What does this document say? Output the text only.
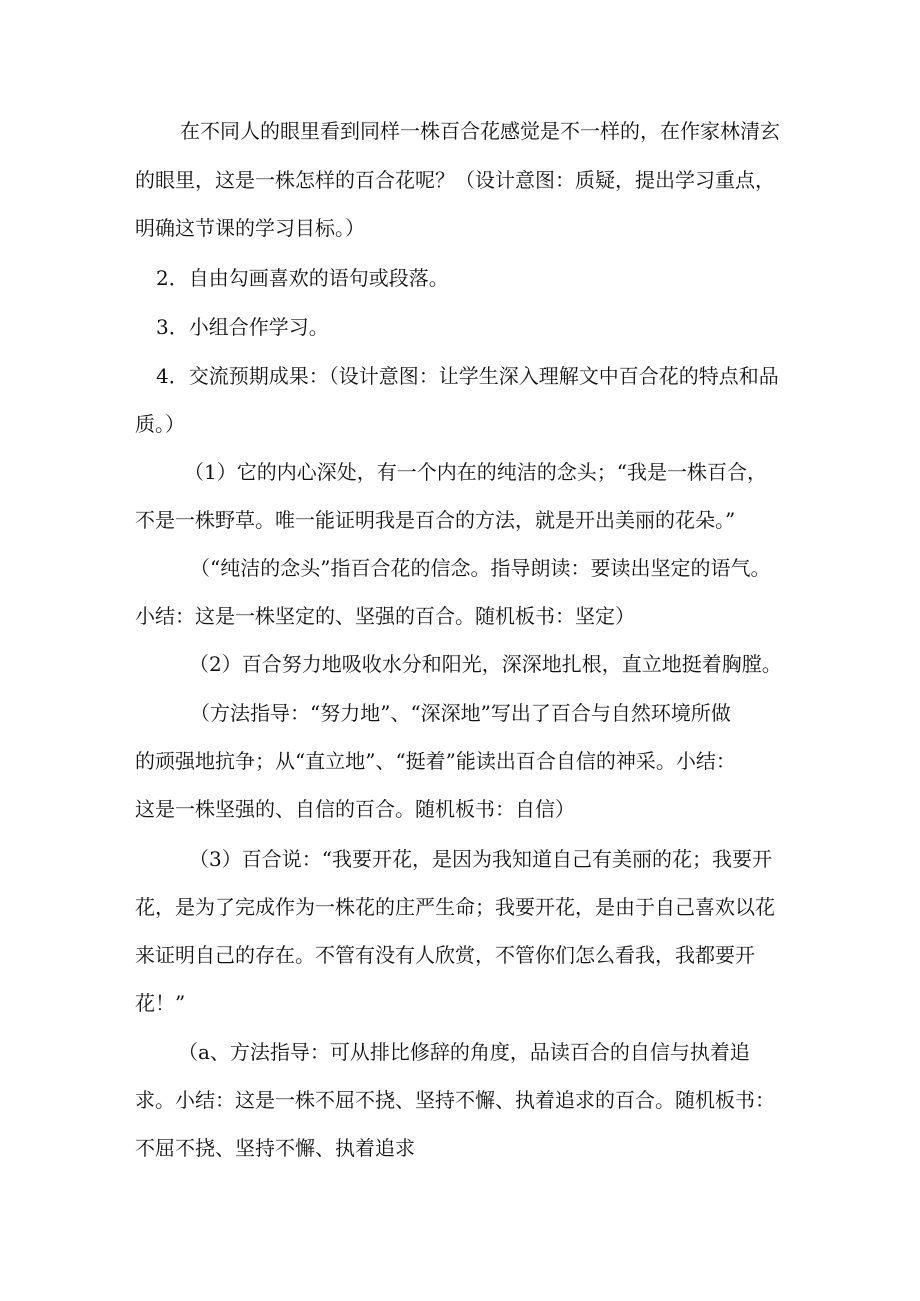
在不同人的眼里看到同样一株百合花感觉是不一样的，在作家林清玄
的眼里，这是一株怎样的百合花呢？（设计意图：质疑，提出学习重点，
明确这节课的学习目标。）
2．自由勾画喜欢的语句或段落。
3．小组合作学习。
4．交流预期成果：（设计意图：让学生深入理解文中百合花的特点和品
质。）
（1）它的内心深处，有一个内在的纯洁的念头；“我是一株百合，
不是一株野草。唯一能证明我是百合的方法，就是开出美丽的花朵。”
（“纯洁的念头”指百合花的信念。指导朗读：要读出坚定的语气。
小结：这是一株坚定的、坚强的百合。随机板书：坚定）
（2）百合努力地吸收水分和阳光，深深地扎根，直立地挺着胸膛。
（方法指导：“努力地”、“深深地”写出了百合与自然环境所做
的顽强地抗争；从“直立地”、“挺着”能读出百合自信的神采。小结：
这是一株坚强的、自信的百合。随机板书：自信）
（3）百合说：“我要开花，是因为我知道自己有美丽的花；我要开
花，是为了完成作为一株花的庄严生命；我要开花，是由于自己喜欢以花
来证明自己的存在。不管有没有人欣赏，不管你们怎么看我，我都要开
花！”
（a、方法指导：可从排比修辞的角度，品读百合的自信与执着追
求。小结：这是一株不屈不挠、坚持不懈、执着追求的百合。随机板书：
不屈不挠、坚持不懈、执着追求
